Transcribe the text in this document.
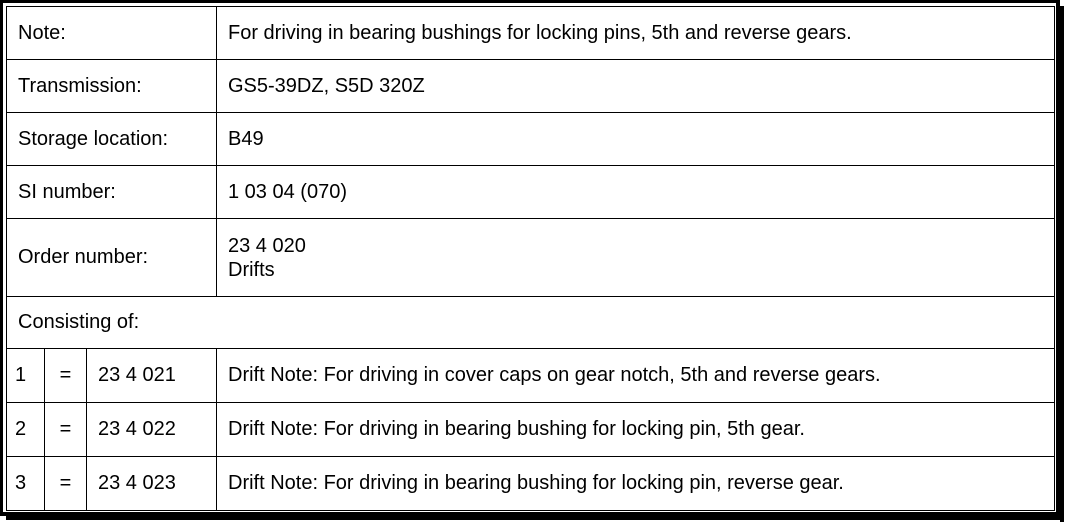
Note:			For driving in bearing bushings for locking pins, 5th and reverse gears.
Transmission:			GS5-39DZ, S5D 320Z
Storage location:			B49
SI number:			1 03 04 (070)
Order number:			23 4 020
Drifts

Consisting of:			
1	=	23 4 021	Drift Note: For driving in cover caps on gear notch, 5th and reverse gears.
2	=	23 4 022	Drift Note: For driving in bearing bushing for locking pin, 5th gear.
3	=	23 4 023	Drift Note: For driving in bearing bushing for locking pin, reverse gear.
